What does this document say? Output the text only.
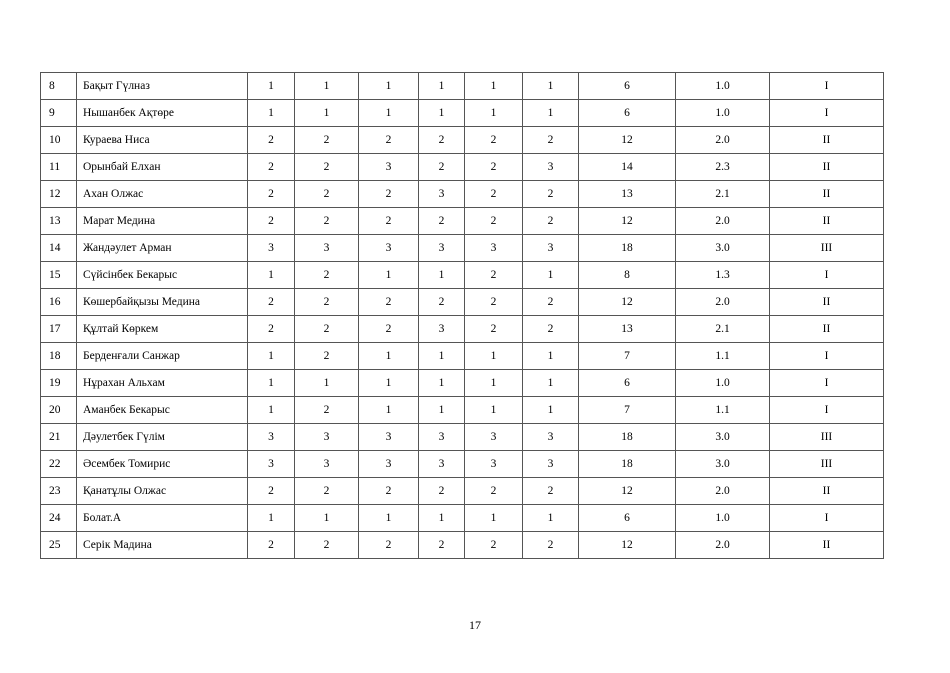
8	Бақыт Гүлназ	1	1	1	1	1	1	6	1.0	I
9	Нышанбек Ақтөре	1	1	1	1	1	1	6	1.0	I
10	Кураева Ниса	2	2	2	2	2	2	12	2.0	II
11	Орынбай Елхан	2	2	3	2	2	3	14	2.3	II
12	Ахан Олжас	2	2	2	3	2	2	13	2.1	II
13	Марат Медина	2	2	2	2	2	2	12	2.0	II
14	Жандәулет Арман	3	3	3	3	3	3	18	3.0	III
15	Сүйсінбек Бекарыс	1	2	1	1	2	1	8	1.3	I
16	Көшербайқызы Медина	2	2	2	2	2	2	12	2.0	II
17	Құлтай Көркем	2	2	2	3	2	2	13	2.1	II
18	Берденғали Санжар	1	2	1	1	1	1	7	1.1	I
19	Нұрахан Альхам	1	1	1	1	1	1	6	1.0	I
20	Аманбек Бекарыс	1	2	1	1	1	1	7	1.1	I
21	Дәулетбек Гүлім	3	3	3	3	3	3	18	3.0	III
22	Әсембек Томирис	3	3	3	3	3	3	18	3.0	III
23	Қанатұлы Олжас	2	2	2	2	2	2	12	2.0	II
24	Болат.А	1	1	1	1	1	1	6	1.0	I
25	Серік Мадина	2	2	2	2	2	2	12	2.0	II
17
